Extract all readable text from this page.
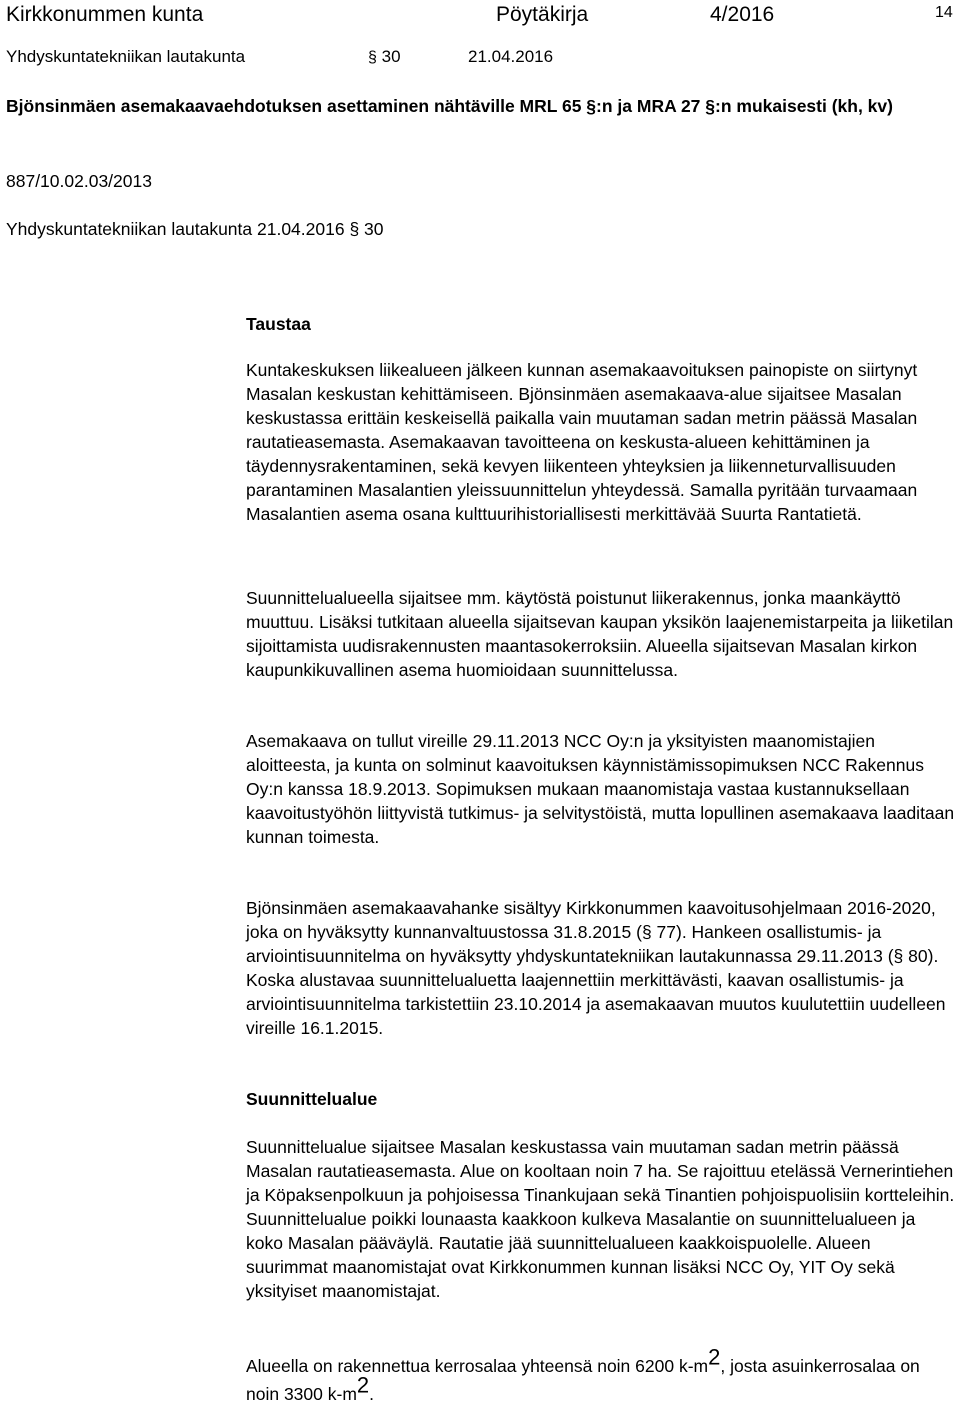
Kirkkonummen kunta	Pöytäkirja	4/2016	14
Yhdyskuntatekniikan lautakunta	§ 30	21.04.2016
Bjönsinmäen asemakaavaehdotuksen asettaminen nähtäville MRL 65 §:n ja MRA 27 §:n mukaisesti (kh, kv)
887/10.02.03/2013
Yhdyskuntatekniikan lautakunta 21.04.2016 § 30
Taustaa

Kuntakeskuksen liikealueen jälkeen kunnan asemakaavoituksen painopiste on siirtynyt Masalan keskustan kehittämiseen. Bjönsinmäen asemakaava-alue sijaitsee Masalan keskustassa erittäin keskeisellä paikalla vain muutaman sadan metrin päässä Masalan rautatieasemasta. Asemakaavan tavoitteena on keskusta-alueen kehittäminen ja täydennysrakentaminen, sekä kevyen liikenteen yhteyksien ja liikenneturvallisuuden parantaminen Masalantien yleissuunnittelun yhteydessä. Samalla pyritään turvaamaan Masalantien asema osana kulttuurihistoriallisesti merkittävää Suurta Rantatietä.

Suunnittelualueella sijaitsee mm. käytöstä poistunut liikerakennus, jonka maankäyttö muuttuu. Lisäksi tutkitaan alueella sijaitsevan kaupan yksikön laajenemistarpeita ja liiketilan sijoittamista uudisrakennusten maantasokerroksiin. Alueella sijaitsevan Masalan kirkon kaupunkikuvallinen asema huomioidaan suunnittelussa.

Asemakaava on tullut vireille 29.11.2013 NCC Oy:n ja yksityisten maanomistajien aloitteesta, ja kunta on solminut kaavoituksen käynnistämissopimuksen NCC Rakennus Oy:n kanssa 18.9.2013. Sopimuksen mukaan maanomistaja vastaa kustannuksellaan kaavoitustyöhön liittyvistä tutkimus- ja selvitystöistä, mutta lopullinen asemakaava laaditaan kunnan toimesta.

Bjönsinmäen asemakaavahanke sisältyy Kirkkonummen kaavoitusohjelmaan 2016-2020, joka on hyväksytty kunnanvaltuustossa 31.8.2015 (§ 77). Hankeen osallistumis- ja arviointisuunnitelma on hyväksytty yhdyskuntatekniikan lautakunnassa 29.11.2013 (§ 80). Koska alustavaa suunnittelualuetta laajennettiin merkittävästi, kaavan osallistumis- ja arviointisuunnitelma tarkistettiin 23.10.2014 ja asemakaavan muutos kuulutettiin uudelleen vireille 16.1.2015.

Suunnittelualue

Suunnittelualue sijaitsee Masalan keskustassa vain muutaman sadan metrin päässä Masalan rautatieasemasta. Alue on kooltaan noin 7 ha. Se rajoittuu etelässä Vernerintiehen ja Köpaksenpolkuun ja pohjoisessa Tinankujaan sekä Tinantien pohjoispuolisiin kortteleihin. Suunnittelualue poikki lounaasta kaakkoon kulkeva Masalantie on suunnittelualueen ja koko Masalan pääväylä. Rautatie jää suunnittelualueen kaakkoispuolelle. Alueen suurimmat maanomistajat ovat Kirkkonummen kunnan lisäksi NCC Oy, YIT Oy sekä yksityiset maanomistajat.

Alueella on rakennettua kerrosalaa yhteensä noin 6200 $k-m^2$, josta asuinkerrosalaa on noin 3300 $k-m^2$.
